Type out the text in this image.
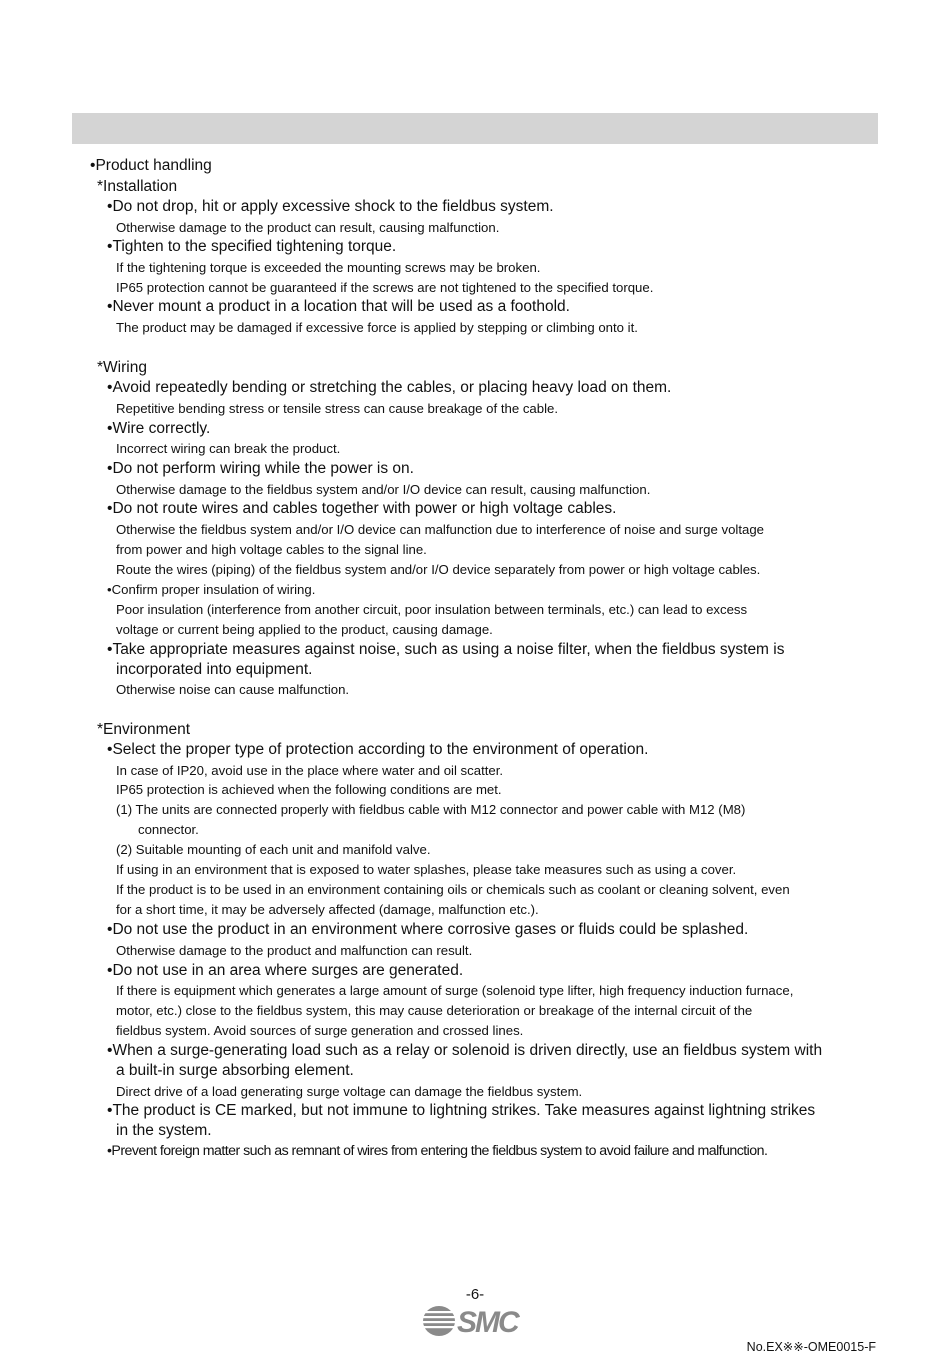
•Product handling
*Installation
•Do not drop, hit or apply excessive shock to the fieldbus system.
Otherwise damage to the product can result, causing malfunction.
•Tighten to the specified tightening torque.
If the tightening torque is exceeded the mounting screws may be broken.
IP65 protection cannot be guaranteed if the screws are not tightened to the specified torque.
•Never mount a product in a location that will be used as a foothold.
The product may be damaged if excessive force is applied by stepping or climbing onto it.
*Wiring
•Avoid repeatedly bending or stretching the cables, or placing heavy load on them.
Repetitive bending stress or tensile stress can cause breakage of the cable.
•Wire correctly.
Incorrect wiring can break the product.
•Do not perform wiring while the power is on.
Otherwise damage to the fieldbus system and/or I/O device can result, causing malfunction.
•Do not route wires and cables together with power or high voltage cables.
Otherwise the fieldbus system and/or I/O device can malfunction due to interference of noise and surge voltage
from power and high voltage cables to the signal line.
Route the wires (piping) of the fieldbus system and/or I/O device separately from power or high voltage cables.
•Confirm proper insulation of wiring.
Poor insulation (interference from another circuit, poor insulation between terminals, etc.) can lead to excess
voltage or current being applied to the product, causing damage.
•Take appropriate measures against noise, such as using a noise filter, when the fieldbus system is
incorporated into equipment.
Otherwise noise can cause malfunction.
*Environment
•Select the proper type of protection according to the environment of operation.
In case of IP20, avoid use in the place where water and oil scatter.
IP65 protection is achieved when the following conditions are met.
(1) The units are connected properly with fieldbus cable with M12 connector and power cable with M12 (M8)
connector.
(2) Suitable mounting of each unit and manifold valve.
If using in an environment that is exposed to water splashes, please take measures such as using a cover.
If the product is to be used in an environment containing oils or chemicals such as coolant or cleaning solvent, even
for a short time, it may be adversely affected (damage, malfunction etc.).
•Do not use the product in an environment where corrosive gases or fluids could be splashed.
Otherwise damage to the product and malfunction can result.
•Do not use in an area where surges are generated.
If there is equipment which generates a large amount of surge (solenoid type lifter, high frequency induction furnace,
motor, etc.) close to the fieldbus system, this may cause deterioration or breakage of the internal circuit of the
fieldbus system. Avoid sources of surge generation and crossed lines.
•When a surge-generating load such as a relay or solenoid is driven directly, use an fieldbus system with
a built-in surge absorbing element.
Direct drive of a load generating surge voltage can damage the fieldbus system.
•The product is CE marked, but not immune to lightning strikes. Take measures against lightning strikes
in the system.
•Prevent foreign matter such as remnant of wires from entering the fieldbus system to avoid failure and malfunction.
-6-
SMC
No.EX※※-OME0015-F
